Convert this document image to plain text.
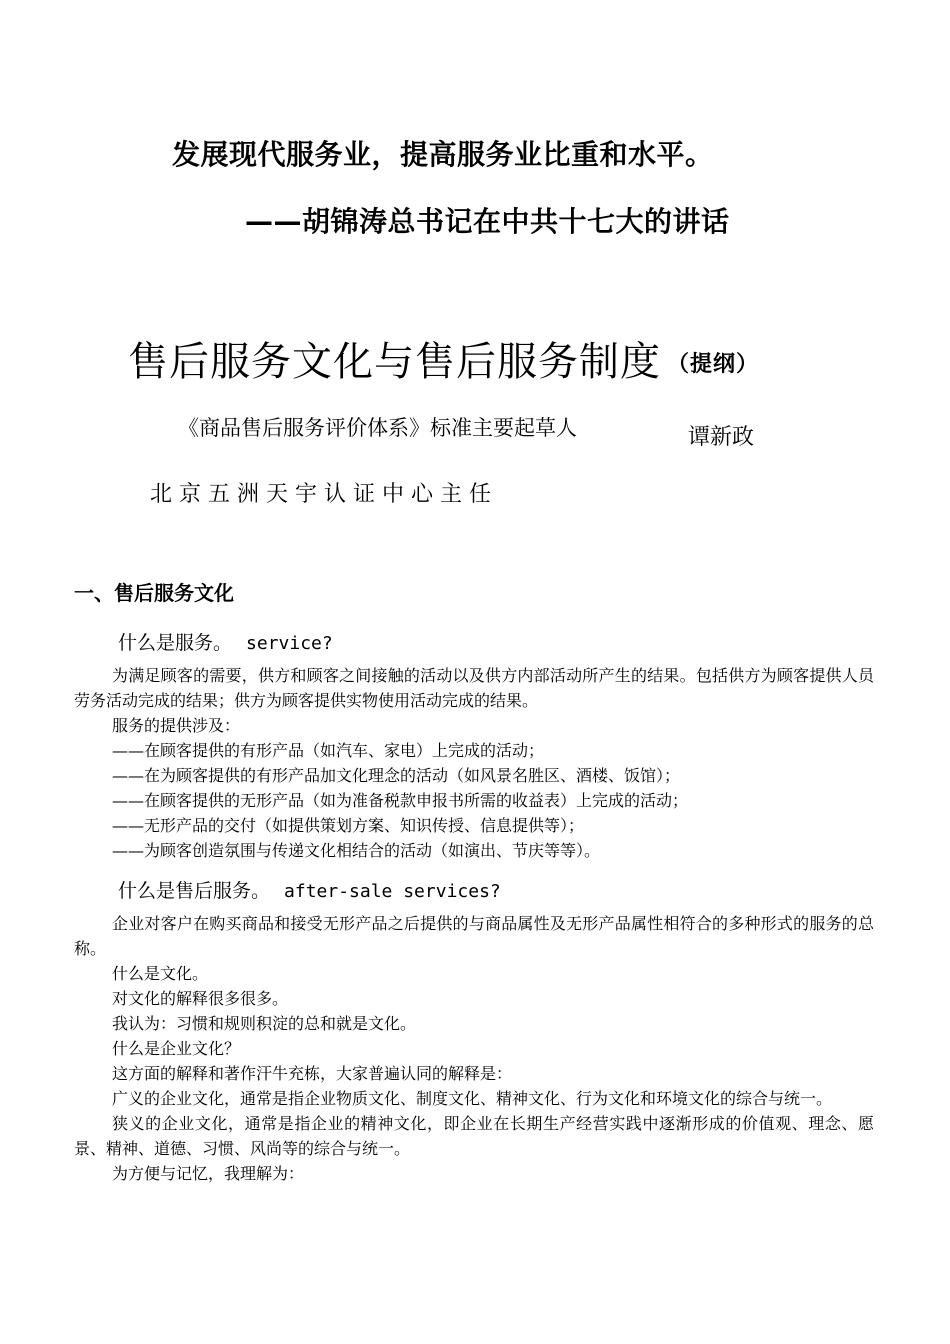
发展现代服务业，提高服务业比重和水平。
——胡锦涛总书记在中共十七大的讲话
售后服务文化与售后服务制度 （提纲）
《商品售后服务评价体系》标准主要起草人	谭新政
北京五洲天宇认证中心主任
一、售后服务文化
什么是服务。 service?
为满足顾客的需要，供方和顾客之间接触的活动以及供方内部活动所产生的结果。包括供方为顾客提供人员劳务活动完成的结果；供方为顾客提供实物使用活动完成的结果。
服务的提供涉及：
——在顾客提供的有形产品（如汽车、家电）上完成的活动；
——在为顾客提供的有形产品加文化理念的活动（如风景名胜区、酒楼、饭馆）；
——在顾客提供的无形产品（如为准备税款申报书所需的收益表）上完成的活动；
——无形产品的交付（如提供策划方案、知识传授、信息提供等）；
——为顾客创造氛围与传递文化相结合的活动（如演出、节庆等等）。
什么是售后服务。 after-sale services?
企业对客户在购买商品和接受无形产品之后提供的与商品属性及无形产品属性相符合的多种形式的服务的总称。
什么是文化。
对文化的解释很多很多。
我认为：习惯和规则积淀的总和就是文化。
什么是企业文化？
这方面的解释和著作汗牛充栋，大家普遍认同的解释是：
广义的企业文化，通常是指企业物质文化、制度文化、精神文化、行为文化和环境文化的综合与统一。
狭义的企业文化，通常是指企业的精神文化，即企业在长期生产经营实践中逐渐形成的价值观、理念、愿景、精神、道德、习惯、风尚等的综合与统一。
为方便与记忆，我理解为：
